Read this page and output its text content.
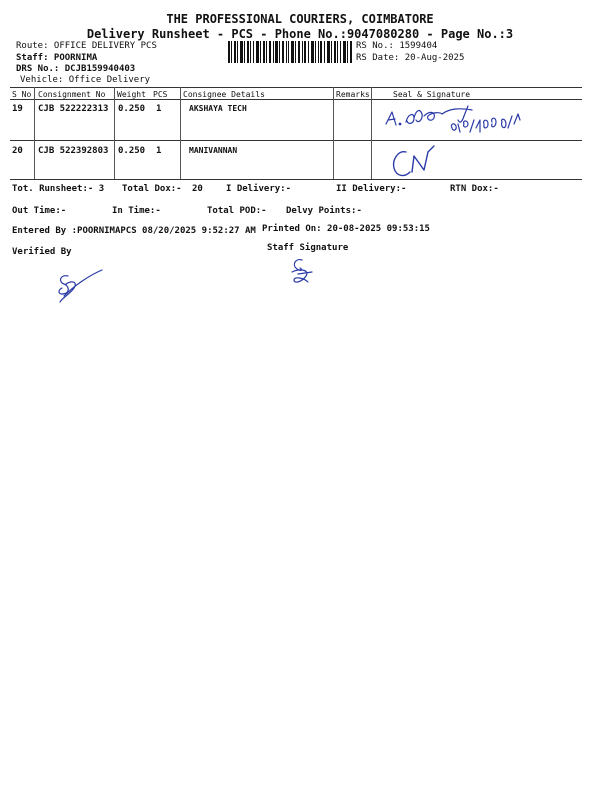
THE PROFESSIONAL COURIERS, COIMBATORE
Delivery Runsheet - PCS - Phone No.:9047080280 - Page No.:3
Route: OFFICE DELIVERY PCS
Staff: POORNIMA
DRS No.: DCJB159940403
Vehicle: Office Delivery
RS No.: 1599404
RS Date: 20-Aug-2025
S No Consignment No Weight PCS Consignee Details	Remarks	Seal & Signature
19 CJB 522222313 0.250 1	AKSHAYA TECH
20 CJB 522392803 0.250 1	MANIVANNAN
Tot. Runsheet:- 3 Total Dox:- 20	I Delivery:-	II Delivery:-	RTN Dox:-
Out Time:-	In Time:-	Total POD:- Delvy Points:-
Entered By :POORNIMAPCS 08/20/2025 9:52:27 AM Printed On: 20-08-2025 09:53:15
Verified By	Staff Signature
